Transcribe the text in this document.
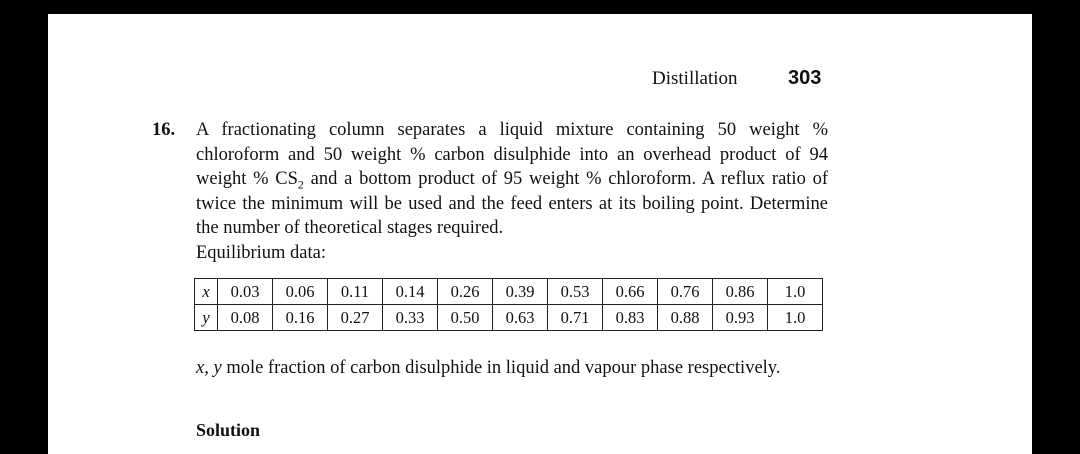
Distillation	303
16. A fractionating column separates a liquid mixture containing 50 weight % chloroform and 50 weight % carbon disulphide into an overhead product of 94 weight % $CS_2$ and a bottom product of 95 weight % chloroform. A reflux ratio of twice the minimum will be used and the feed enters at its boiling point. Determine the number of theoretical stages required.

Equilibrium data:

x	0.03	0.06	0.11	0.14	0.26	0.39	0.53	0.66	0.76	0.86	1.0
y	0.08	0.16	0.27	0.33	0.50	0.63	0.71	0.83	0.88	0.93	1.0
x, y mole fraction of carbon disulphide in liquid and vapour phase respectively.
Solution
